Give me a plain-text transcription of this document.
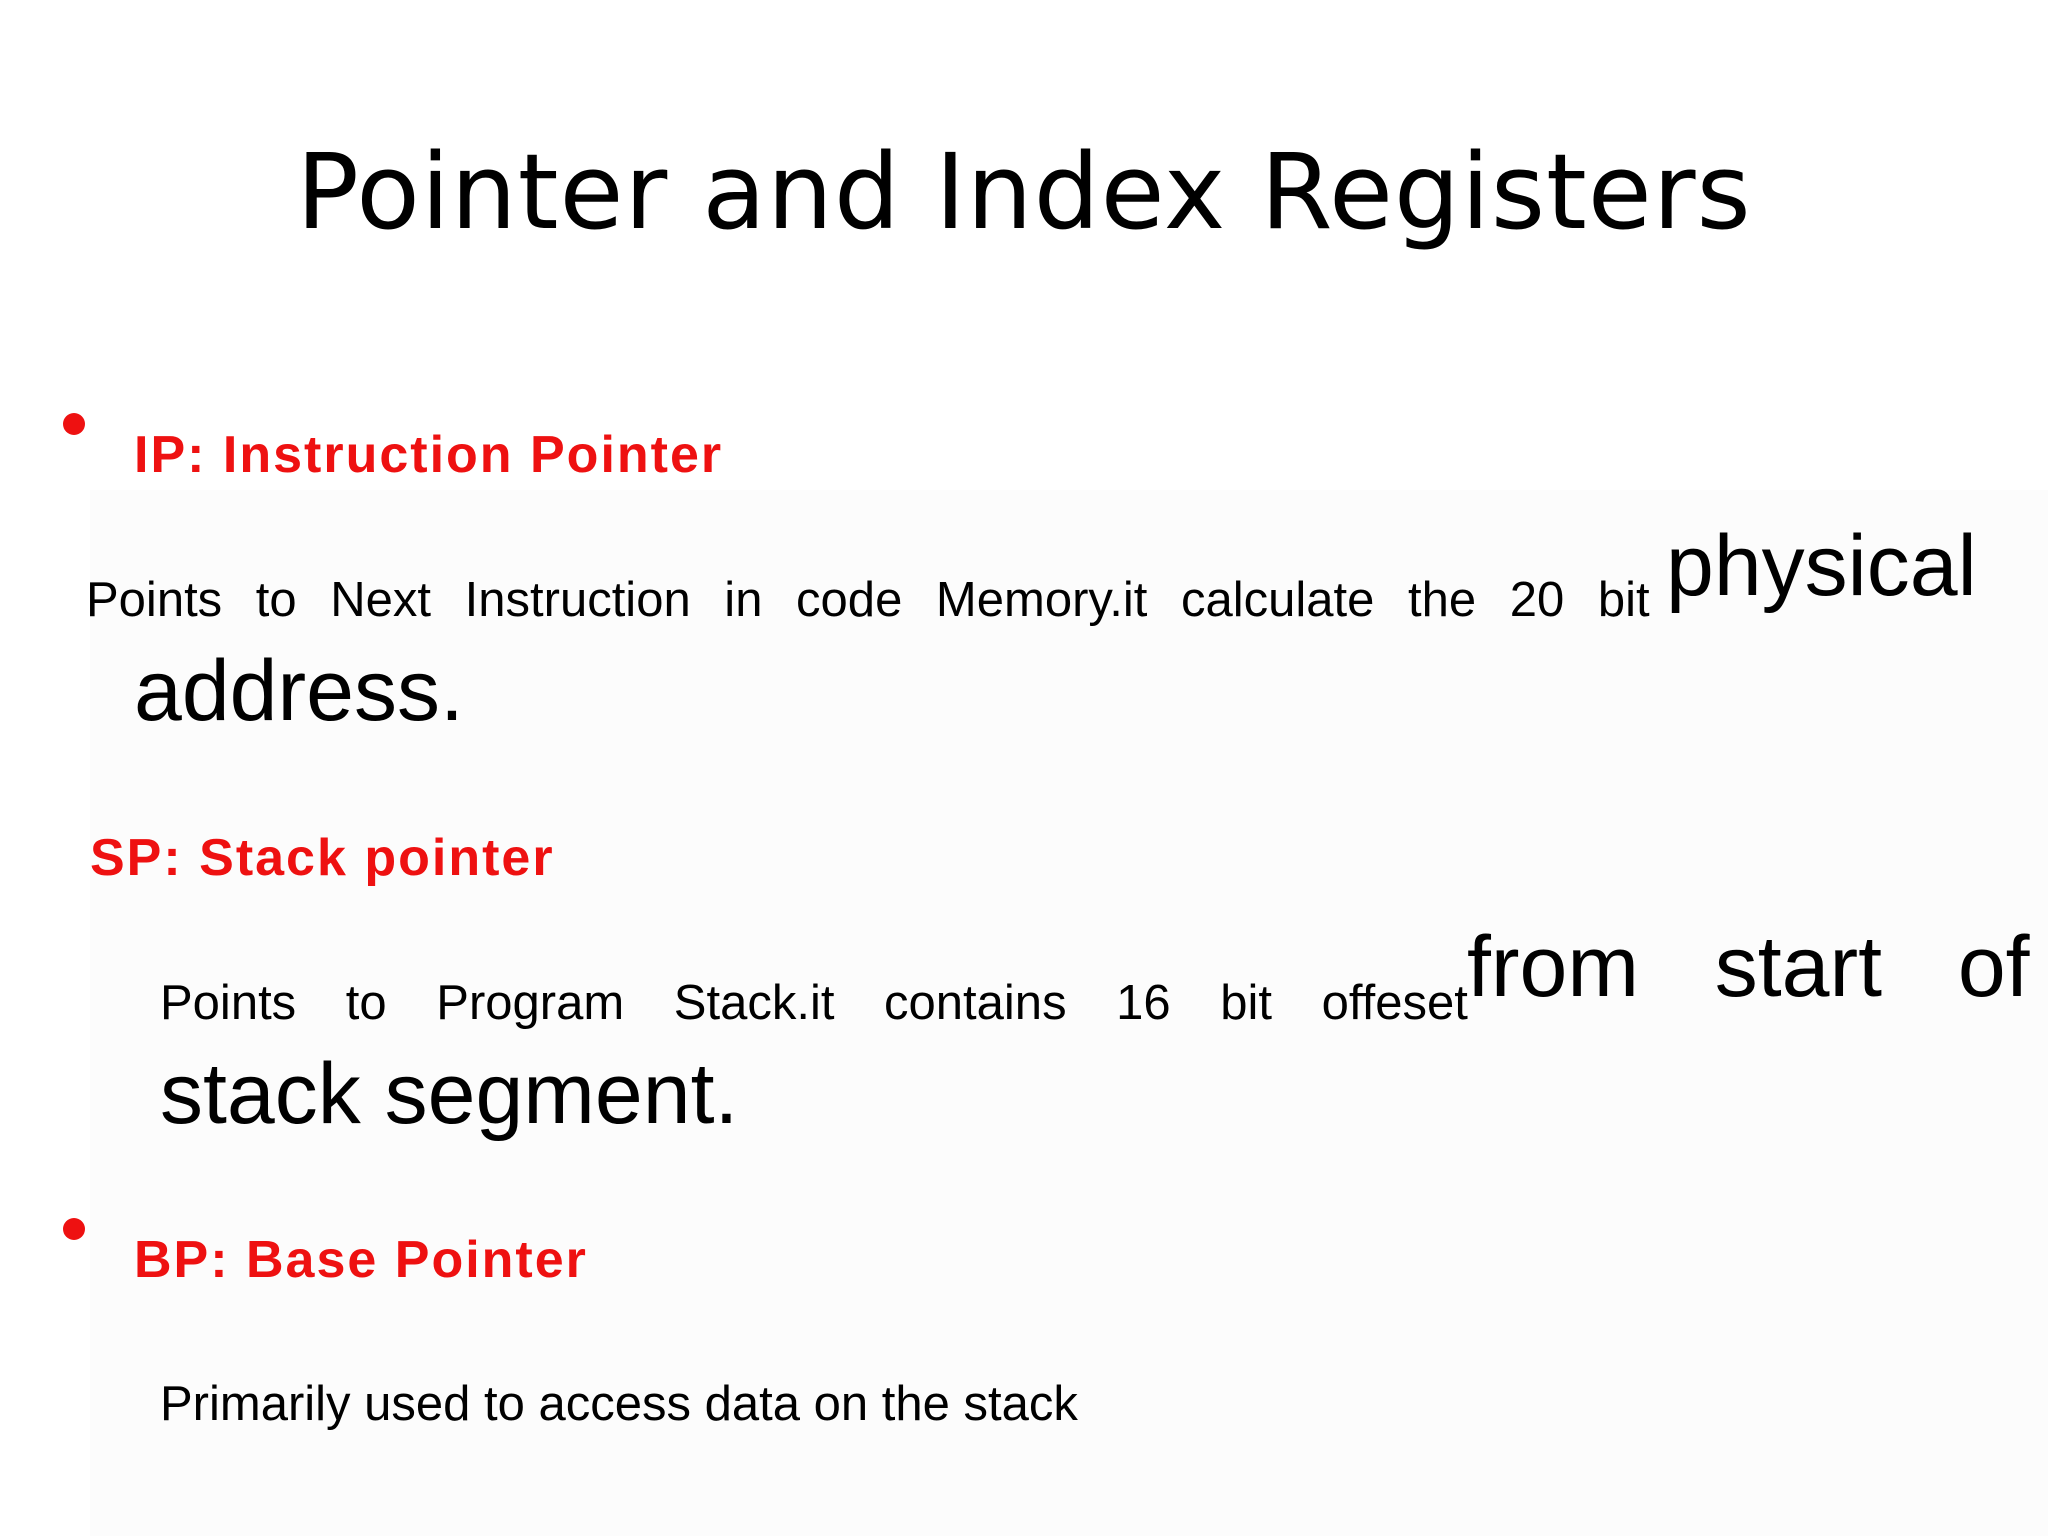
Pointer and Index Registers
IP: Instruction Pointer
Points to Next Instruction in code Memory.it calculate the 20 bit physical
address.
SP: Stack pointer
Points to Program Stack.it contains 16 bit offeset from  start  of
stack segment.
BP: Base Pointer
Primarily used to access data on the stack
